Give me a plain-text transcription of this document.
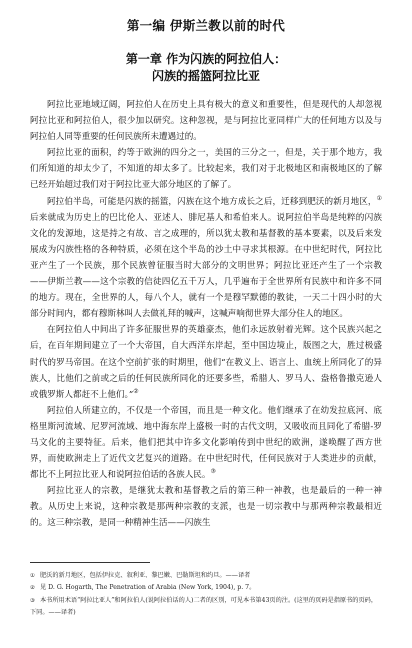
第一编 伊斯兰教以前的时代
第一章 作为闪族的阿拉伯人：
闪族的摇篮阿拉比亚

阿拉比亚地域辽阔，阿拉伯人在历史上具有极大的意义和重要性，但是现代的人却忽视阿拉比亚和阿拉伯人，很少加以研究。这种忽视，是与阿拉比亚同样广大的任何地方以及与阿拉伯人同等重要的任何民族所未遭遇过的。

阿拉比亚的面积，约等于欧洲的四分之一，美国的三分之一，但是，关于那个地方，我们所知道的却太少了，不知道的却太多了。比较起来，我们对于北极地区和南极地区的了解已经开始超过我们对于阿拉比亚大部分地区的了解了。

阿拉伯半岛，可能是闪族的摇篮，闪族在这个地方成长之后，迁移到肥沃的新月地区，①后来就成为历史上的巴比伦人、亚述人、腓尼基人和希伯来人。说阿拉伯半岛是纯粹的闪族文化的发源地，这是持之有故、言之成理的，所以犹太教和基督教的基本要素，以及后来发展成为闪族性格的各种特质，必须在这个半岛的沙土中寻求其根源。在中世纪时代，阿拉比亚产生了一个民族，那个民族曾征服当时大部分的文明世界；阿拉比亚还产生了一个宗教——伊斯兰教——这个宗教的信徒四亿五千万人，几乎遍布于全世界所有民族中和许多不同的地方。现在，全世界的人，每八个人，就有一个是穆罕默德的教徒，一天二十四小时的大部分时间内，都有穆斯林叫人去做礼拜的喊声，这喊声响彻世界大部分住人的地区。

在阿拉伯人中间出了许多征服世界的英雄豪杰，他们永远放射着光辉。这个民族兴起之后，在百年期间建立了一个大帝国，自大西洋东岸起，至中国边境止，版图之大，胜过极盛时代的罗马帝国。在这个空前扩张的时期里，他们“在教义上、语言上、血统上所同化了的异族人，比他们之前或之后的任何民族所同化的还要多些，希腊人、罗马人、盎格鲁撒克逊人或俄罗斯人都赶不上他们。”②

阿拉伯人所建立的，不仅是一个帝国，而且是一种文化。他们继承了在幼发拉底河、底格里斯河流域、尼罗河流域、地中海东岸上盛极一时的古代文明，又吸收而且同化了希腊-罗马文化的主要特征。后来，他们把其中许多文化影响传到中世纪的欧洲，遂唤醒了西方世界，而使欧洲走上了近代文艺复兴的道路。在中世纪时代，任何民族对于人类进步的贡献，都比不上阿拉比亚人和说阿拉伯话的各族人民。③

阿拉比亚人的宗教，是继犹太教和基督教之后的第三种一神教，也是最后的一种一神教。从历史上来说，这种宗教是那两种宗教的支派，也是一切宗教中与那两种宗教最相近的。这三种宗教，是同一种精神生活——闪族生

① 肥沃的新月地区，包括伊拉克、叙利亚、黎巴嫩、巴勒斯坦和约旦。——译者
② 见 D. G. Hogarth, The Penetration of Arabia (New York, 1904), p. 7。
③ 本书所用术语“阿拉比亚人”和阿拉伯人(说阿拉伯话的人)二者的区别，可见本书第43页的注。(这里的页码是指原书的页码，下同。——译者)
